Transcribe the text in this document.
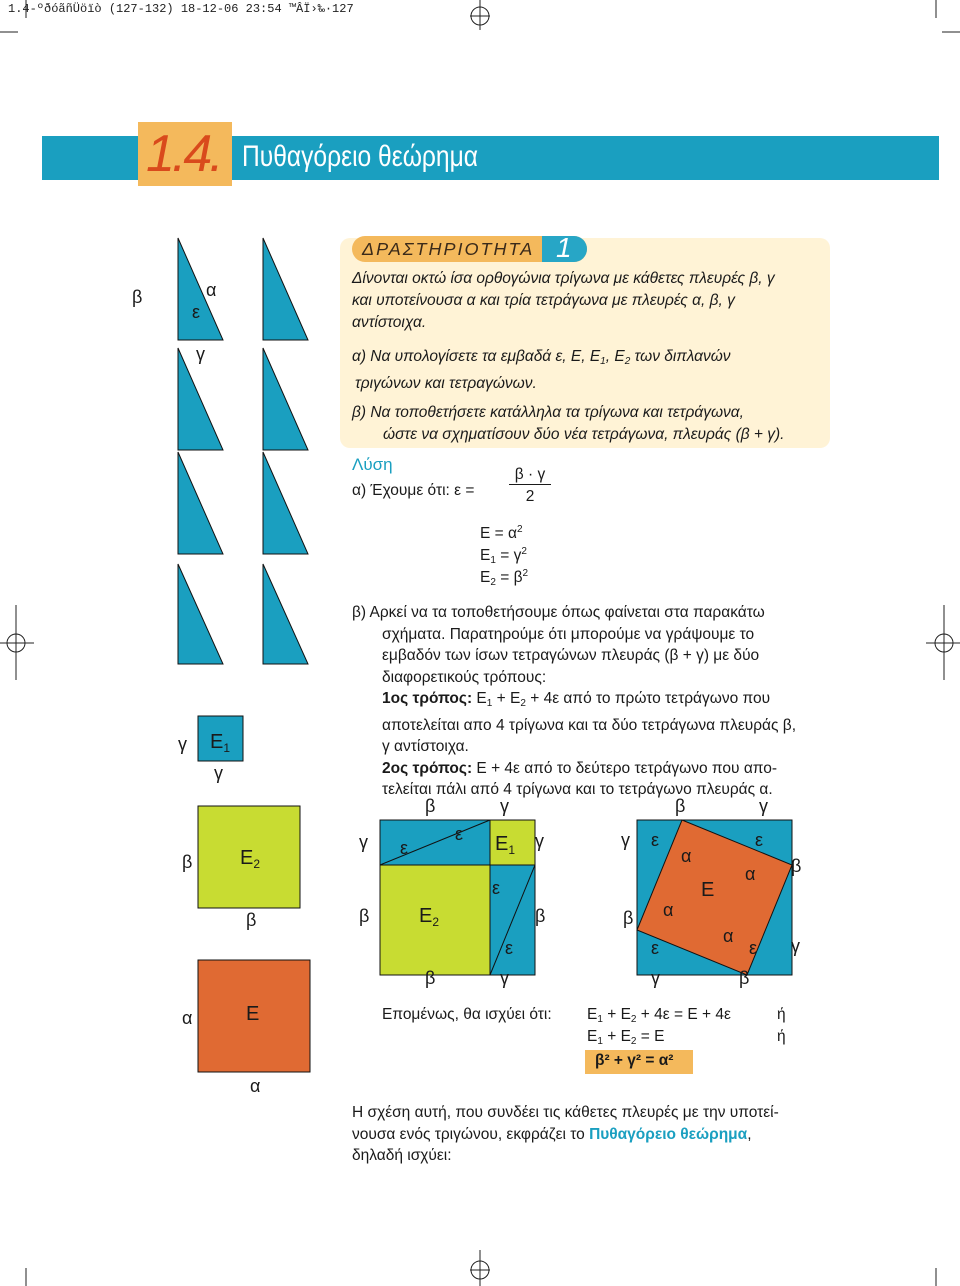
1.4-ºðóãñÜöïò (127-132) 18-12-06 23:54 ™ÂÏ›‰·127
1.4. Πυθαγόρειο θεώρημα
ΔΡΑΣΤΗΡΙΟΤΗΤΑ 1
Δίνονται οκτώ ίσα ορθογώνια τρίγωνα με κάθετες πλευρές β, γ
και υποτείνουσα α και τρία τετράγωνα με πλευρές α, β, γ
αντίστοιχα.
α) Να υπολογίσετε τα εμβαδά ε, Ε, Ε1, Ε2 των διπλανών
τριγώνων και τετραγώνων.
β) Να τοποθετήσετε κατάλληλα τα τρίγωνα και τετράγωνα,
ώστε να σχηματίσουν δύο νέα τετράγωνα, πλευράς (β + γ).
Λύση
α) Έχουμε ότι: ε =
β · γ
2
$E = \alpha^2$
$E1 = \gamma^2$
$E2 = \beta^2$
β) Αρκεί να τα τοποθετήσουμε όπως φαίνεται στα παρακάτω
σχήματα. Παρατηρούμε ότι μπορούμε να γράψουμε το
εμβαδόν των ίσων τετραγώνων πλευράς (β + γ) με δύο
διαφορετικούς τρόπους:
1ος τρόπος: Ε1 + Ε2 + 4ε από το πρώτο τετράγωνο που
αποτελείται απο 4 τρίγωνα και τα δύο τετράγωνα πλευράς β,
γ αντίστοιχα.
2ος τρόπος: Ε + 4ε από το δεύτερο τετράγωνο που απο-
τελείται πάλι από 4 τρίγωνα και το τετράγωνο πλευράς α.
Επομένως, θα ισχύει ότι: Ε1 + Ε2 + 4ε = Ε + 4ε
Ε1 + Ε2 = Ε
ή
ή
β² + γ² = α²
Η σχέση αυτή, που συνδέει τις κάθετες πλευρές με την υποτεί-
νουσα ενός τριγώνου, εκφράζει το Πυθαγόρειο θεώρημα,
δηλαδή ισχύει:
β
ε
α
γ
γ
γ
$E_1$
β $E_2$
β
α	Ε
α
β	γ
γ ε
ε $E_1$ γ
ε
β $E_2$	β
ε
β	γ
β	γ
γ ε
α
ε
α β
Ε
β α
α
ε	ε γ
γ	β
